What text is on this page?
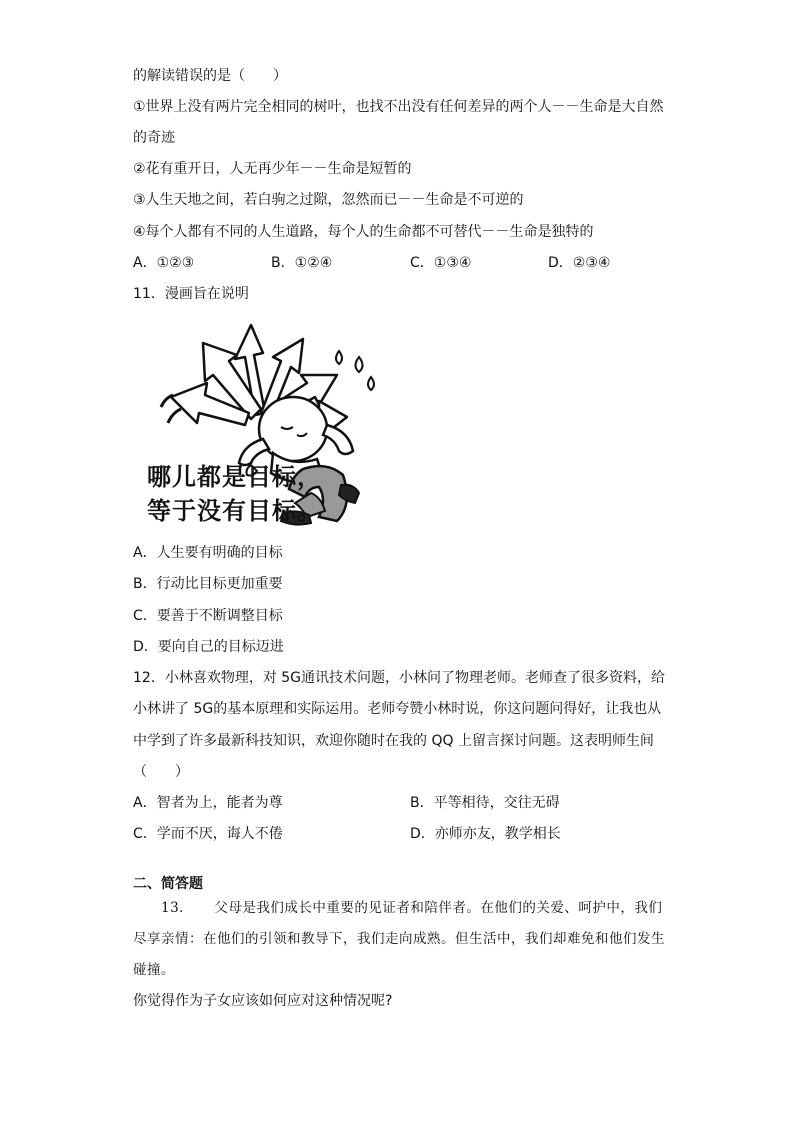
的解读错误的是（　　）
①世界上没有两片完全相同的树叶，也找不出没有任何差异的两个人－－生命是大自然
的奇迹
②花有重开日，人无再少年－－生命是短暂的
③人生天地之间，若白驹之过隙，忽然而已－－生命是不可逆的
④每个人都有不同的人生道路，每个人的生命都不可替代－－生命是独特的
A．①②③	B．①②④	C．①③④	D．②③④
11．漫画旨在说明
哪儿都是目标，
等于没有目标。
A．人生要有明确的目标
B．行动比目标更加重要
C．要善于不断调整目标
D．要向自己的目标迈进
12．小林喜欢物理，对 5G通讯技术问题，小林问了物理老师。老师查了很多资料，给
小林讲了 5G的基本原理和实际运用。老师夸赞小林时说，你这问题问得好，让我也从
中学到了许多最新科技知识，欢迎你随时在我的 QQ 上留言探讨问题。这表明师生间
（　　）
A．智者为上，能者为尊	B．平等相待，交往无碍
C．学而不厌，诲人不倦	D．亦师亦友，教学相长
二、简答题
　　13．　　父母是我们成长中重要的见证者和陪伴者。在他们的关爱、呵护中，我们
尽享亲情：在他们的引领和教导下，我们走向成熟。但生活中，我们却难免和他们发生
碰撞。
你觉得作为子女应该如何应对这种情况呢?
